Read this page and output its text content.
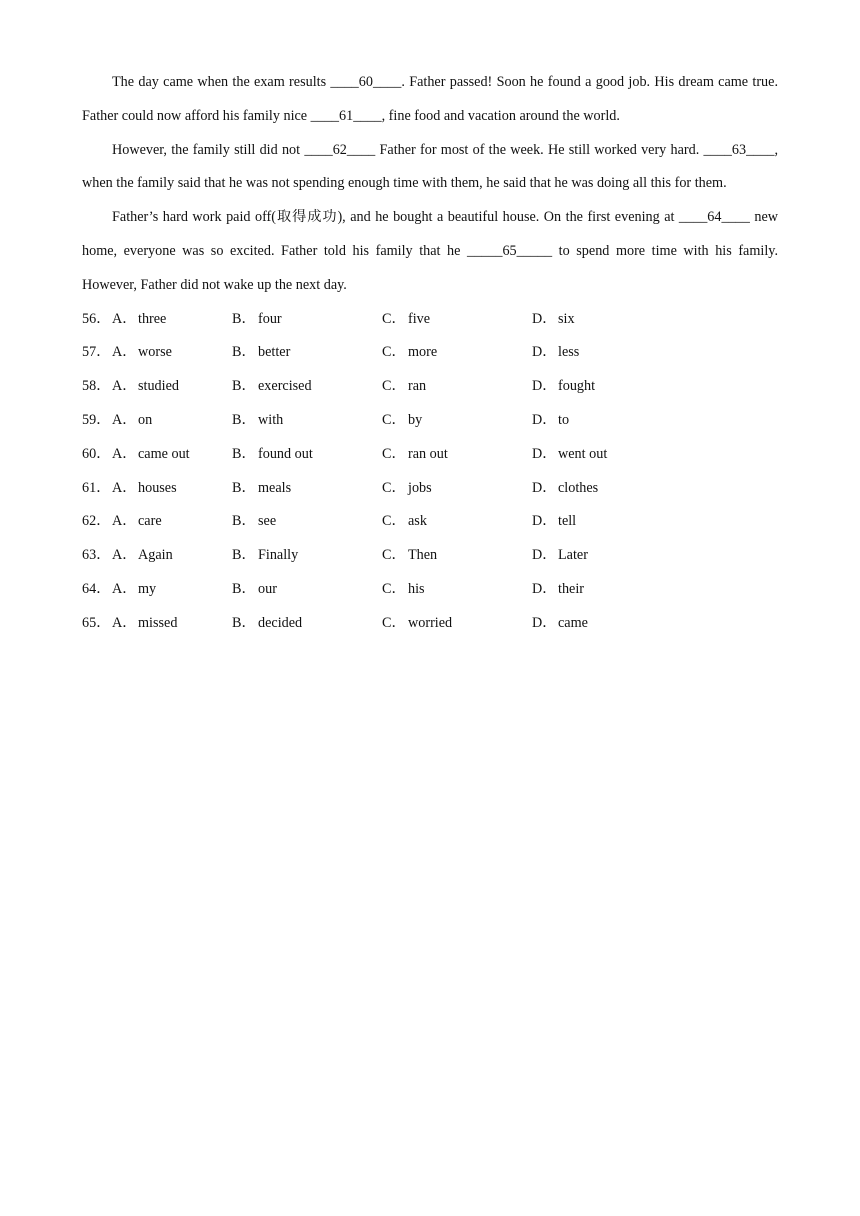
The day came when the exam results ____60____. Father passed! Soon he found a good job. His dream came true. Father could now afford his family nice ____61____, fine food and vacation around the world.

However, the family still did not ____62____ Father for most of the week. He still worked very hard. ____63____, when the family said that he was not spending enough time with them, he said that he was doing all this for them.

Father’s hard work paid off(取得成功), and he bought a beautiful house. On the first evening at ____64____ new home, everyone was so excited. Father told his family that he _____65_____ to spend more time with his family. However, Father did not wake up the next day.

56． A． three	B． four	C． five	D． six
57． A． worse	B． better	C． more	D． less
58． A． studied	B． exercised	C． ran	D． fought
59． A． on	B． with	C． by	D． to
60． A． came out	B． found out	C． ran out	D． went out
61． A． houses	B． meals	C． jobs	D． clothes
62． A． care	B． see	C． ask	D． tell
63． A． Again	B． Finally	C． Then	D． Later
64． A． my	B． our	C． his	D． their
65． A． missed	B． decided	C． worried	D． came
